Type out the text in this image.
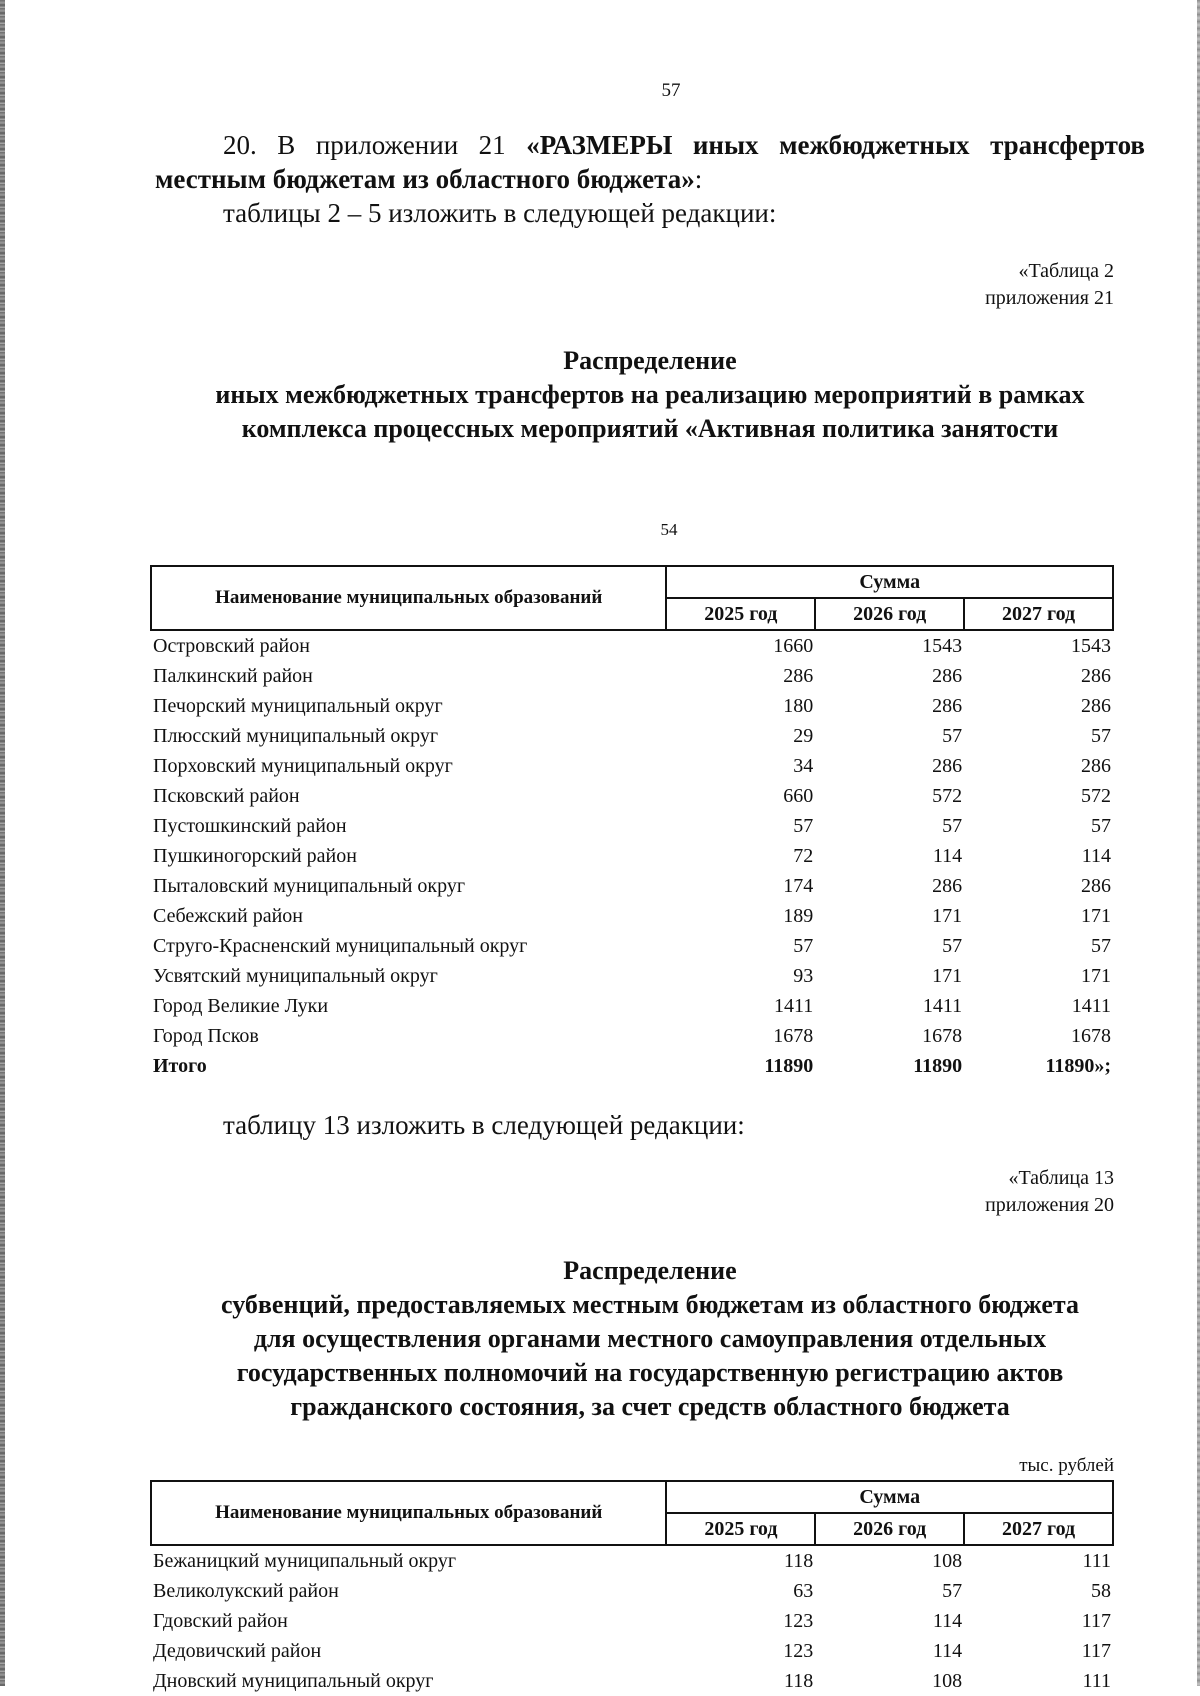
57
20. В приложении 21 «РАЗМЕРЫ иных межбюджетных трансфертов местным бюджетам из областного бюджета»:
таблицы 2 – 5 изложить в следующей редакции:
«Таблица 2
приложения 21
Распределение
иных межбюджетных трансфертов на реализацию мероприятий в рамках
комплекса процессных мероприятий «Активная политика занятости
54
Наименование муниципальных образований	Сумма		
	2025 год	2026 год	2027 год
Островский район	1660	1543	1543
Палкинский район	286	286	286
Печорский муниципальный округ	180	286	286
Плюсский муниципальный округ	29	57	57
Порховский муниципальный округ	34	286	286
Псковский район	660	572	572
Пустошкинский район	57	57	57
Пушкиногорский район	72	114	114
Пыталовский муниципальный округ	174	286	286
Себежский район	189	171	171
Струго-Красненский муниципальный округ	57	57	57
Усвятский муниципальный округ	93	171	171
Город Великие Луки	1411	1411	1411
Город Псков	1678	1678	1678
Итого	11890	11890	11890»;
таблицу 13 изложить в следующей редакции:
«Таблица 13
приложения 20
Распределение
субвенций, предоставляемых местным бюджетам из областного бюджета
для осуществления органами местного самоуправления отдельных
государственных полномочий на государственную регистрацию актов
гражданского состояния, за счет средств областного бюджета
тыс. рублей
Наименование муниципальных образований	Сумма		
	2025 год	2026 год	2027 год
Бежаницкий муниципальный округ	118	108	111
Великолукский район	63	57	58
Гдовский район	123	114	117
Дедовичский район	123	114	117
Дновский муниципальный округ	118	108	111
